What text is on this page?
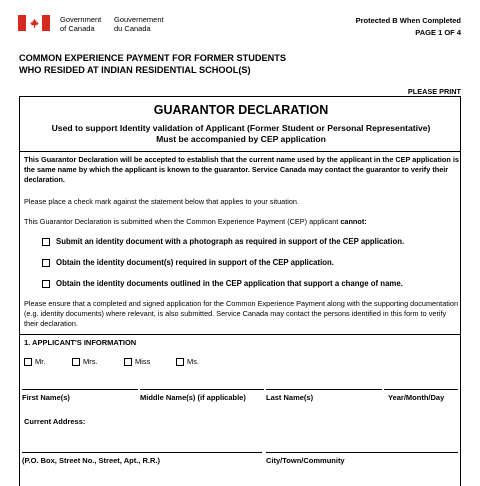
Government
of Canada
Gouvernement
du Canada
Protected B When Completed
PAGE 1 OF 4
COMMON EXPERIENCE PAYMENT FOR FORMER STUDENTS
WHO RESIDED AT INDIAN RESIDENTIAL SCHOOL(S)
PLEASE PRINT
GUARANTOR DECLARATION
Used to support Identity validation of Applicant (Former Student or Personal Representative)
Must be accompanied by CEP application
This Guarantor Declaration will be accepted to establish that the current name used by the applicant in the CEP application is the same name by which the applicant is known to the guarantor. Service Canada may contact the guarantor to verify their declaration.
Please place a check mark against the statement below that applies to your situation.
This Guarantor Declaration is submitted when the Common Experience Payment (CEP) applicant cannot:
Submit an identity document with a photograph as required in support of the CEP application.
Obtain the identity document(s) required in support of the CEP application.
Obtain the identity documents outlined in the CEP application that support a change of name.
Please ensure that a completed and signed application for the Common Experience Payment along with the supporting documentation (e.g. identity documents) where relevant, is also submitted. Service Canada may contact the persons identified in this form to verify their declaration.
1. APPLICANT'S INFORMATION
Mr.	Mrs.	Miss	Ms.
First Name(s)	Middle Name(s) (if applicable)	Last Name(s)	Year/Month/Day
Current Address:
(P.O. Box, Street No., Street, Apt., R.R.)	City/Town/Community
